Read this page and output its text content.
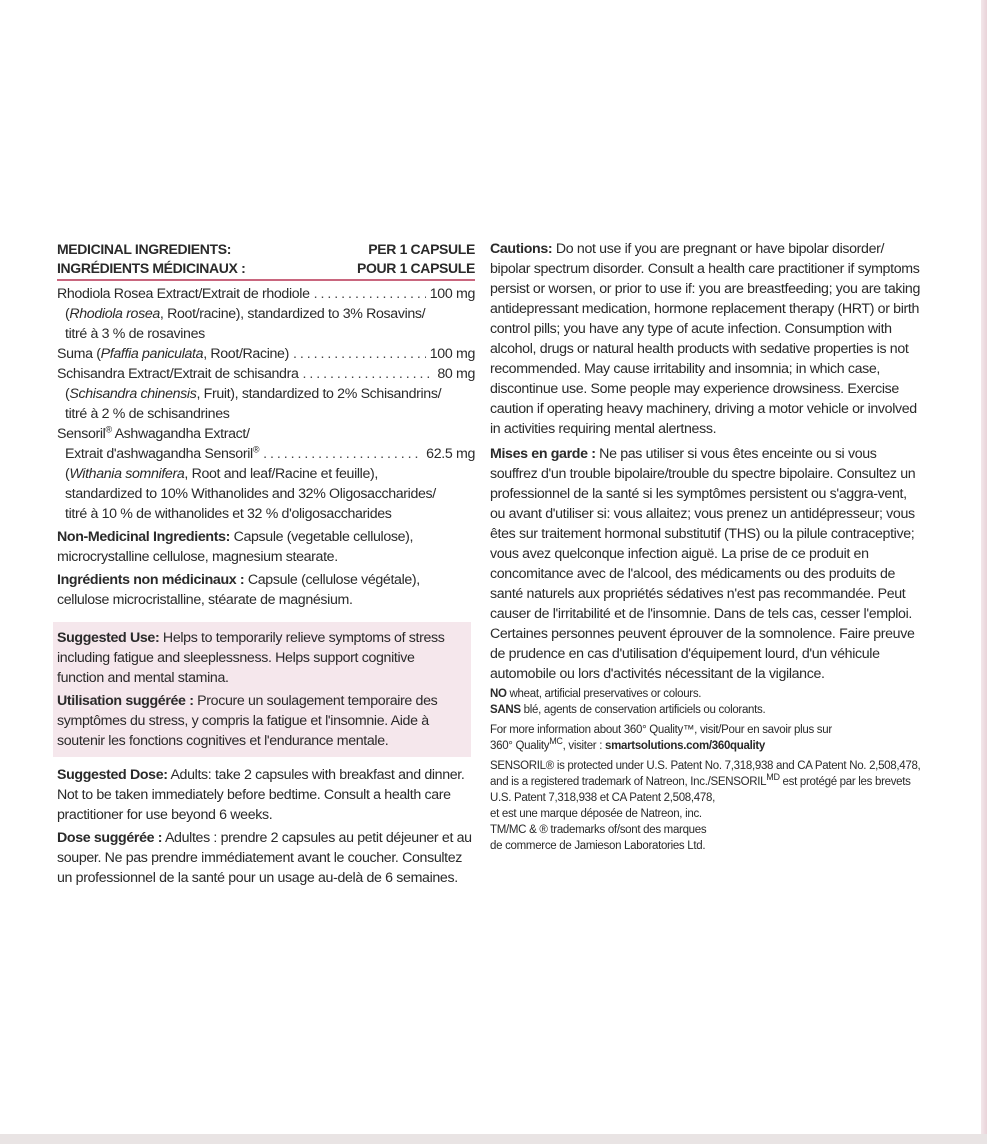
MEDICINAL INGREDIENTS:	PER 1 CAPSULE
INGRÉDIENTS MÉDICINAUX :	POUR 1 CAPSULE
Rhodiola Rosea Extract/Extrait de rhodiole . . .	100 mg
(Rhodiola rosea, Root/racine), standardized to 3% Rosavins/
titré à 3 % de rosavines
Suma (Pfaffia paniculata, Root/Racine) . . .	100 mg
Schisandra Extract/Extrait de schisandra . . .	80 mg
(Schisandra chinensis, Fruit), standardized to 2% Schisandrins/
titré à 2 % de schisandrines
Sensoril® Ashwagandha Extract/
Extrait d'ashwagandha Sensoril® . . .	62.5 mg
(Withania somnifera, Root and leaf/Racine et feuille),
standardized to 10% Withanolides and 32% Oligosaccharides/
titré à 10 % de withanolides et 32 % d'oligosaccharides

Non-Medicinal Ingredients: Capsule (vegetable cellulose), microcrystalline cellulose, magnesium stearate.

Ingrédients non médicinaux : Capsule (cellulose végétale), cellulose microcristalline, stéarate de magnésium.

Suggested Use: Helps to temporarily relieve symptoms of stress including fatigue and sleeplessness. Helps support cognitive function and mental stamina.

Utilisation suggérée : Procure un soulagement temporaire des symptômes du stress, y compris la fatigue et l'insomnie. Aide à soutenir les fonctions cognitives et l'endurance mentale.

Suggested Dose: Adults: take 2 capsules with breakfast and dinner. Not to be taken immediately before bedtime. Consult a health care practitioner for use beyond 6 weeks.

Dose suggérée : Adultes : prendre 2 capsules au petit déjeuner et au souper. Ne pas prendre immédiatement avant le coucher. Consultez un professionnel de la santé pour un usage au-delà de 6 semaines.

Cautions: Do not use if you are pregnant or have bipolar disorder/ bipolar spectrum disorder. Consult a health care practitioner if symptoms persist or worsen, or prior to use if: you are breastfeeding; you are taking antidepressant medication, hormone replacement therapy (HRT) or birth control pills; you have any type of acute infection. Consumption with alcohol, drugs or natural health products with sedative properties is not recommended. May cause irritability and insomnia; in which case, discontinue use. Some people may experience drowsiness. Exercise caution if operating heavy machinery, driving a motor vehicle or involved in activities requiring mental alertness.

Mises en garde : Ne pas utiliser si vous êtes enceinte ou si vous souffrez d'un trouble bipolaire/trouble du spectre bipolaire. Consultez un professionnel de la santé si les symptômes persistent ou s'aggra-vent, ou avant d'utiliser si: vous allaitez; vous prenez un antidépresseur; vous êtes sur traitement hormonal substitutif (THS) ou la pilule contraceptive; vous avez quelconque infection aiguë. La prise de ce produit en concomitance avec de l'alcool, des médicaments ou des produits de santé naturels aux propriétés sédatives n'est pas recommandée. Peut causer de l'irritabilité et de l'insomnie. Dans de tels cas, cesser l'emploi. Certaines personnes peuvent éprouver de la somnolence. Faire preuve de prudence en cas d'utilisation d'équipement lourd, d'un véhicule automobile ou lors d'activités nécessitant de la vigilance.

NO wheat, artificial preservatives or colours.
SANS blé, agents de conservation artificiels ou colorants.
For more information about 360° Quality™, visit/Pour en savoir plus sur
360° Quality$^{MC}$, visiter : smartsolutions.com/360quality
SENSORIL® is protected under U.S. Patent No. 7,318,938 and CA Patent No. 2,508,478,
and is a registered trademark of Natreon, $Inc./SENSORIL^{MD}$ est protégé par les brevets
U.S. Patent 7,318,938 et CA Patent 2,508,478,
et est une marque déposée de Natreon, inc.
TM/MC & ® trademarks of/sont des marques
de commerce de Jamieson Laboratories Ltd.
